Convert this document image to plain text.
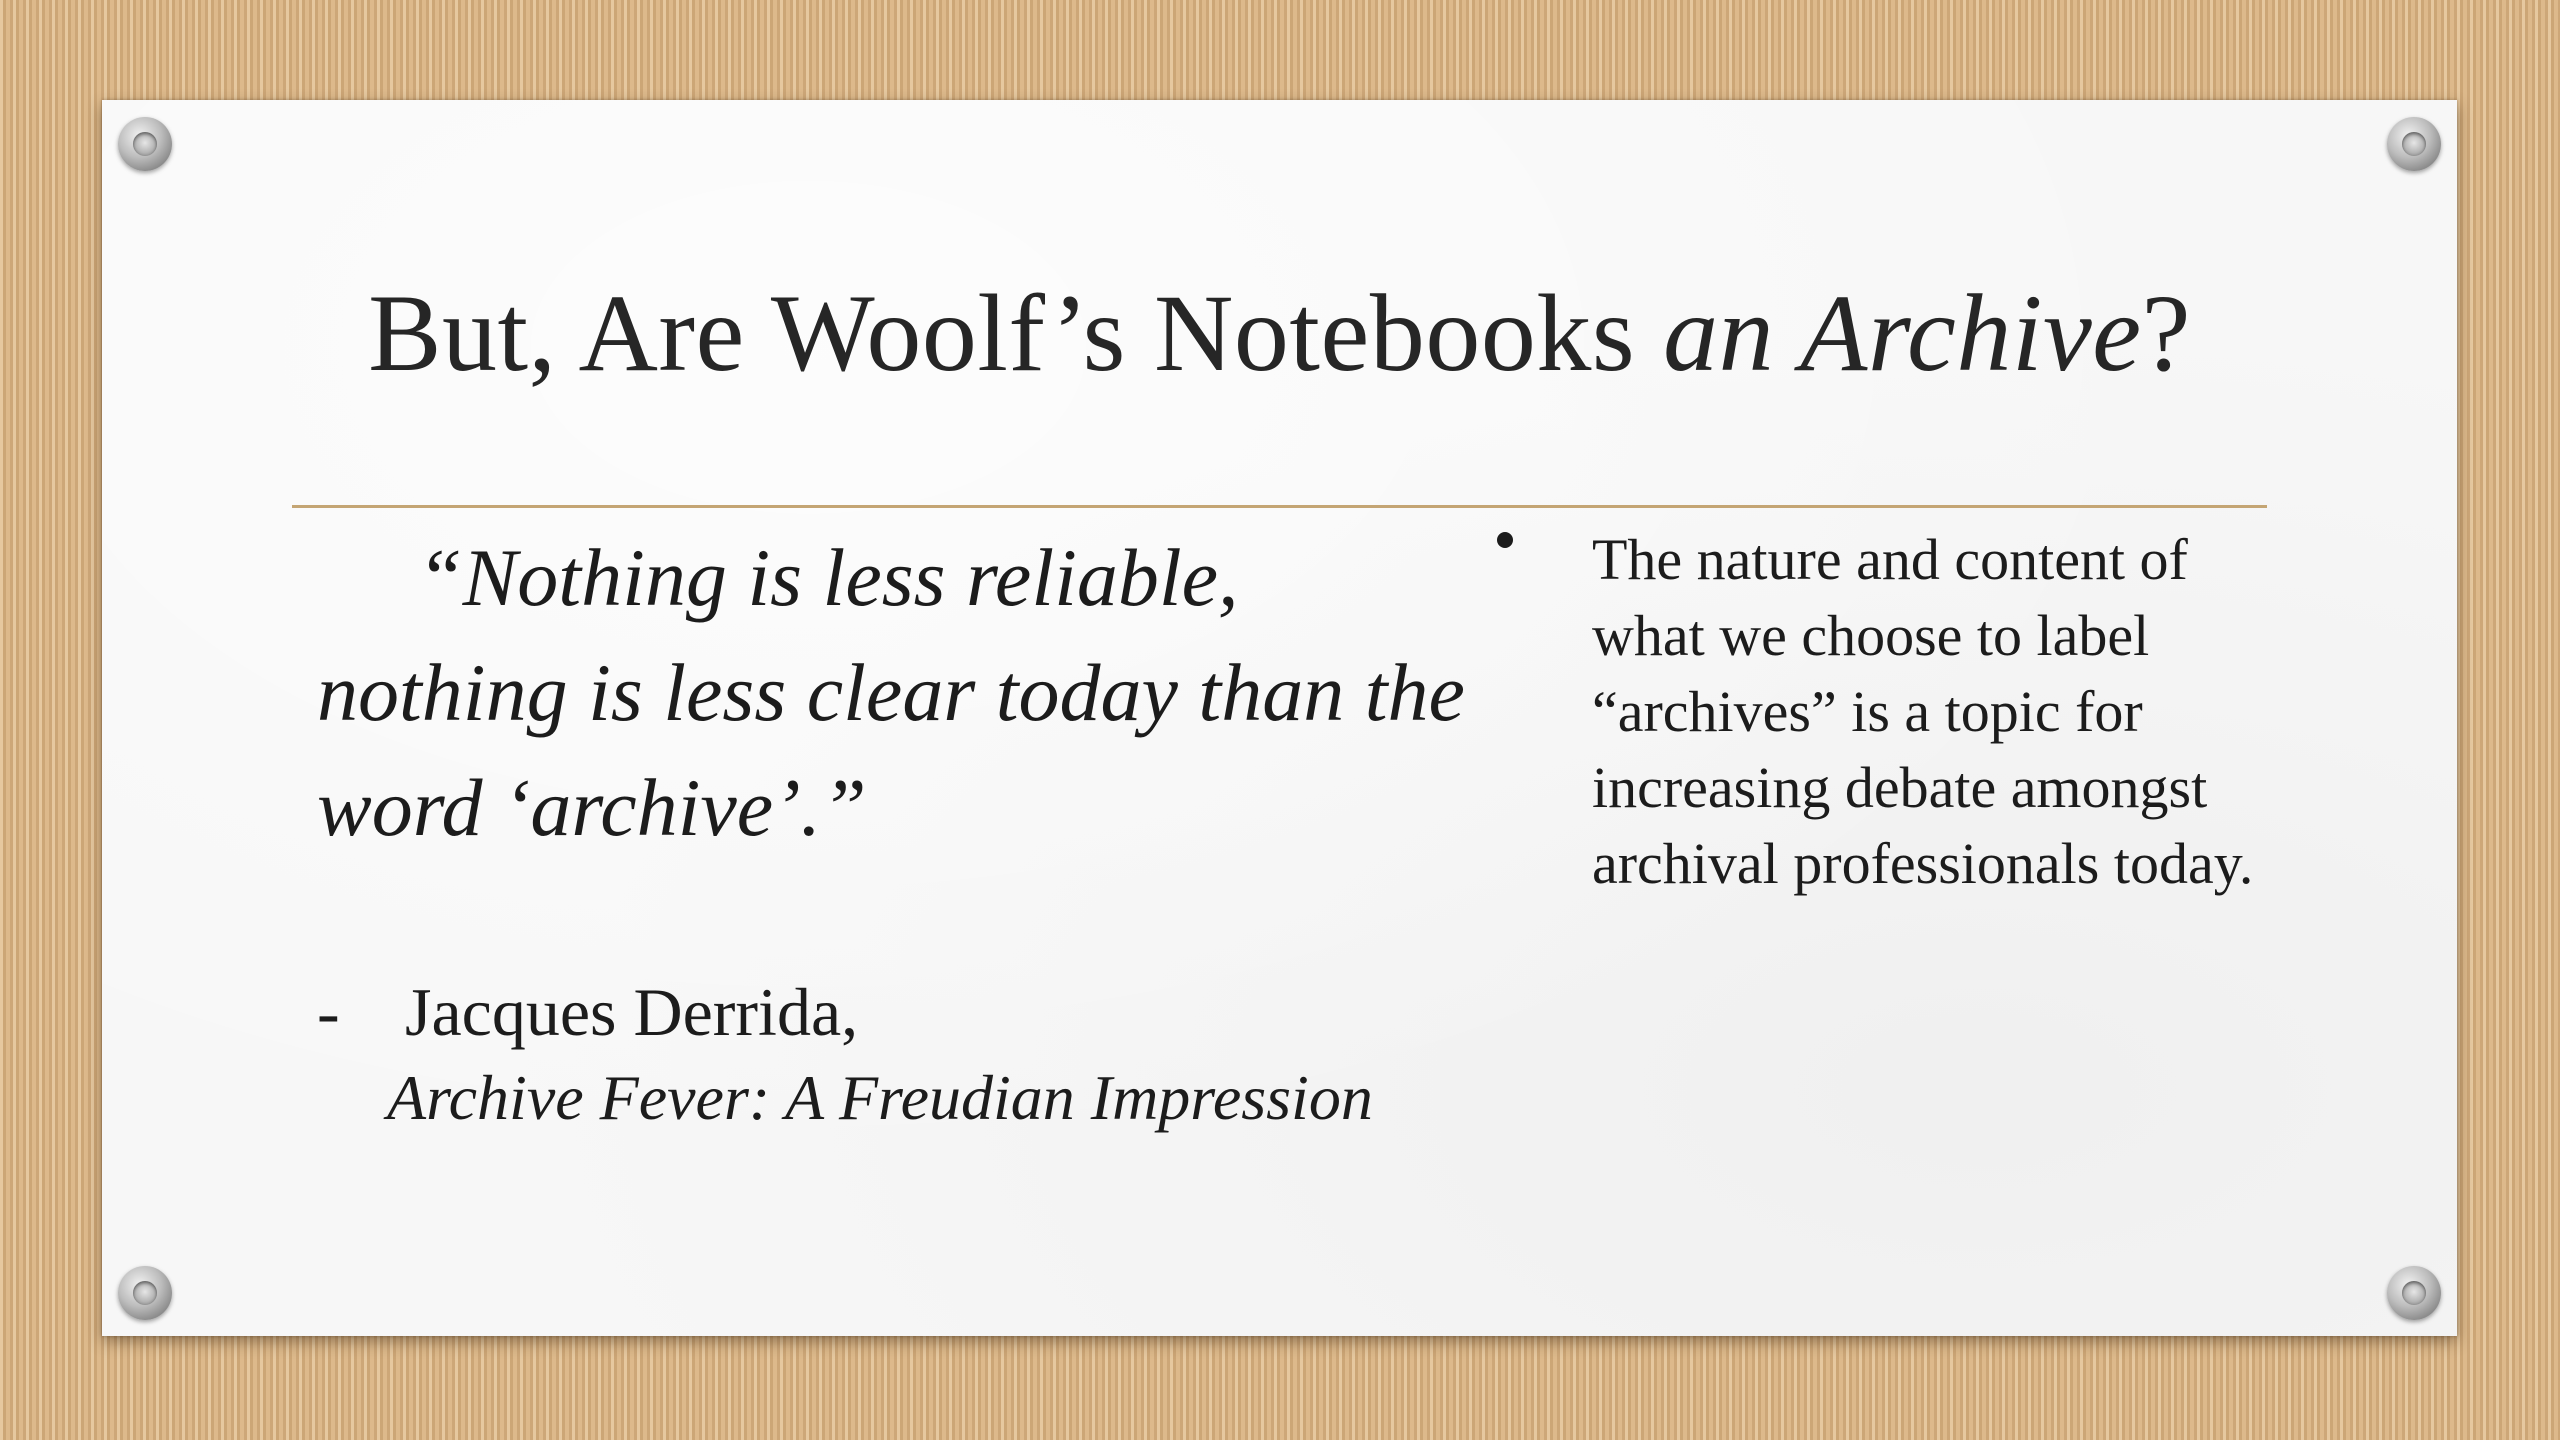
But, Are Woolf’s Notebooks an Archive?
“Nothing is less reliable,
nothing is less clear today than the word ‘archive’.”
- Jacques Derrida,
Archive Fever: A Freudian Impression
The nature and content of what we choose to label “archives” is a topic for increasing debate amongst archival professionals today.
